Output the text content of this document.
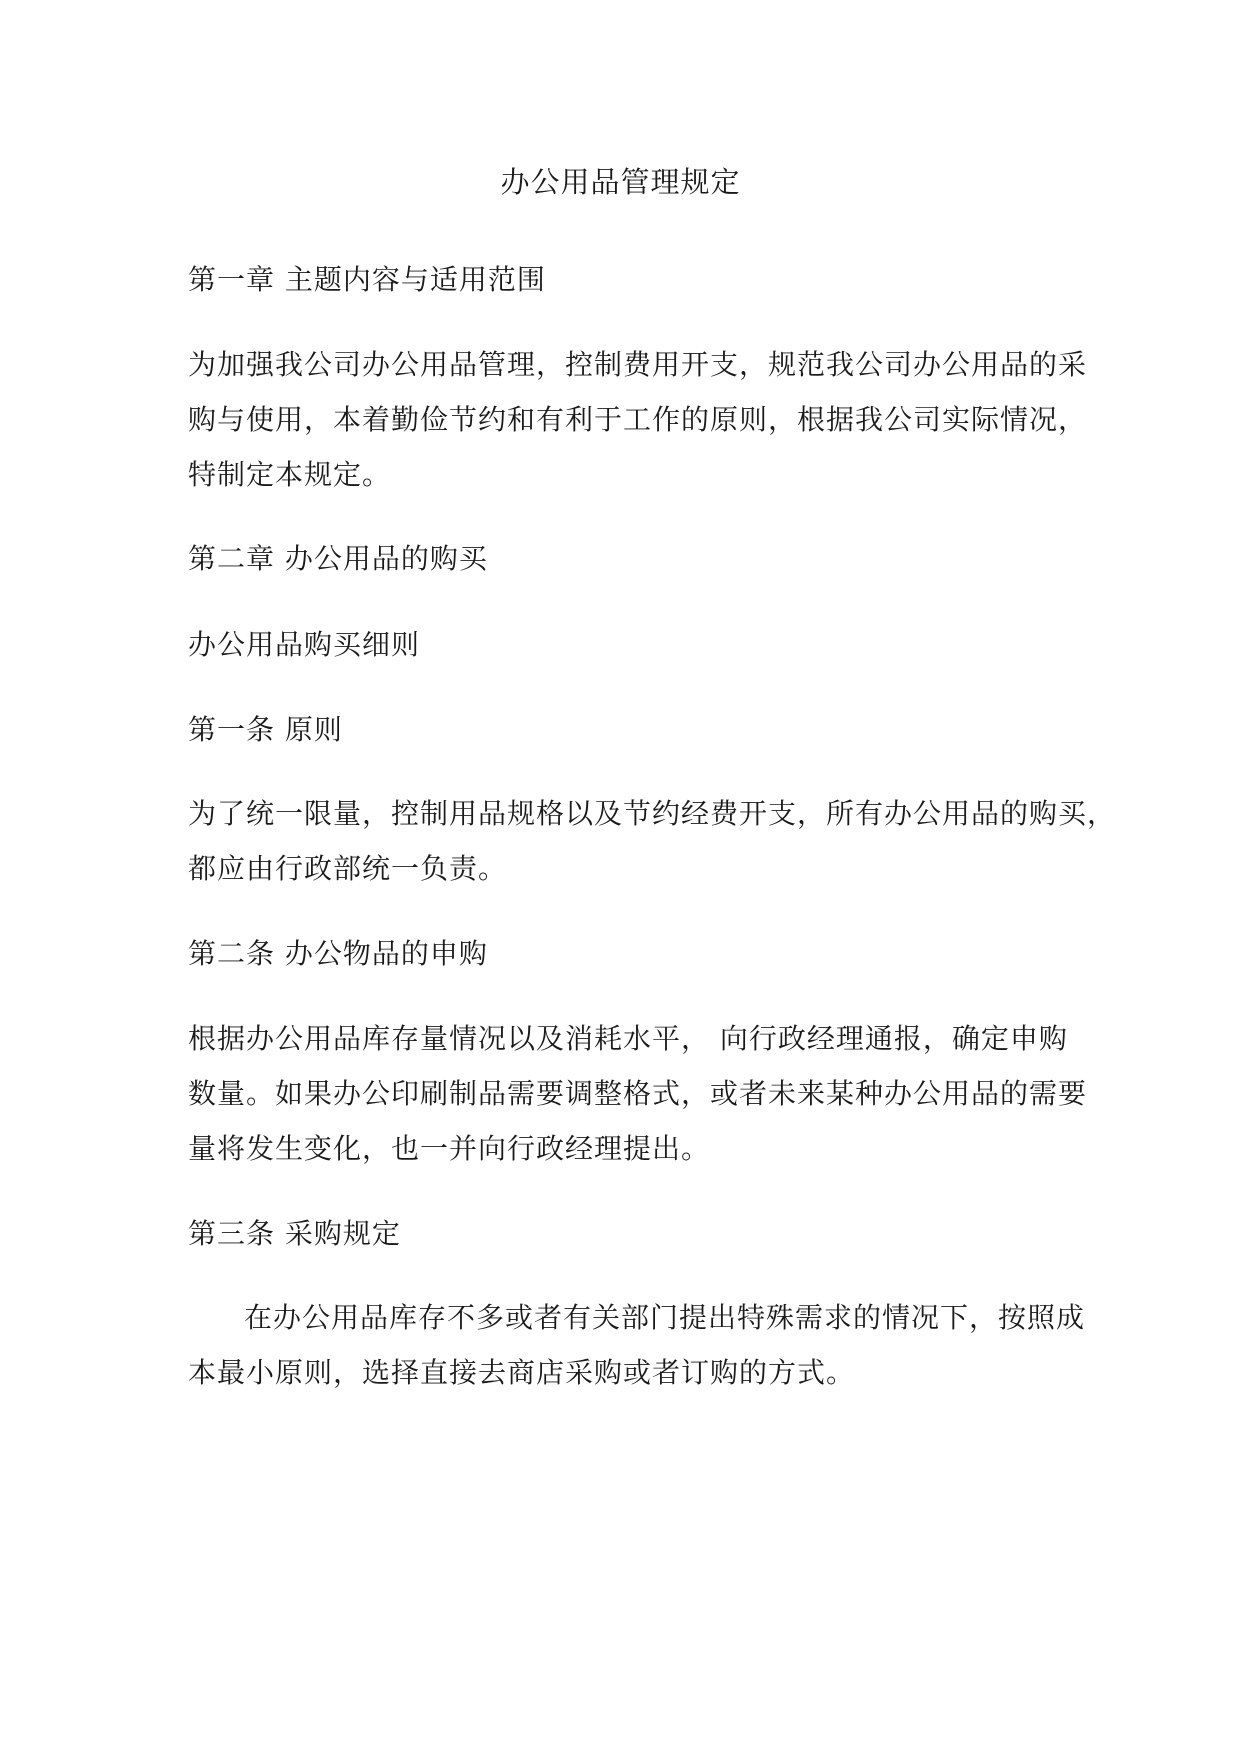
办公用品管理规定
第一章 主题内容与适用范围
为加强我公司办公用品管理，控制费用开支，规范我公司办公用品的采
购与使用，本着勤俭节约和有利于工作的原则，根据我公司实际情况，
特制定本规定。
第二章 办公用品的购买
办公用品购买细则
第一条 原则
为了统一限量，控制用品规格以及节约经费开支，所有办公用品的购买，
都应由行政部统一负责。
第二条 办公物品的申购
根据办公用品库存量情况以及消耗水平， 向行政经理通报，确定申购
数量。如果办公印刷制品需要调整格式，或者未来某种办公用品的需要
量将发生变化，也一并向行政经理提出。
第三条 采购规定
在办公用品库存不多或者有关部门提出特殊需求的情况下，按照成
本最小原则，选择直接去商店采购或者订购的方式。
